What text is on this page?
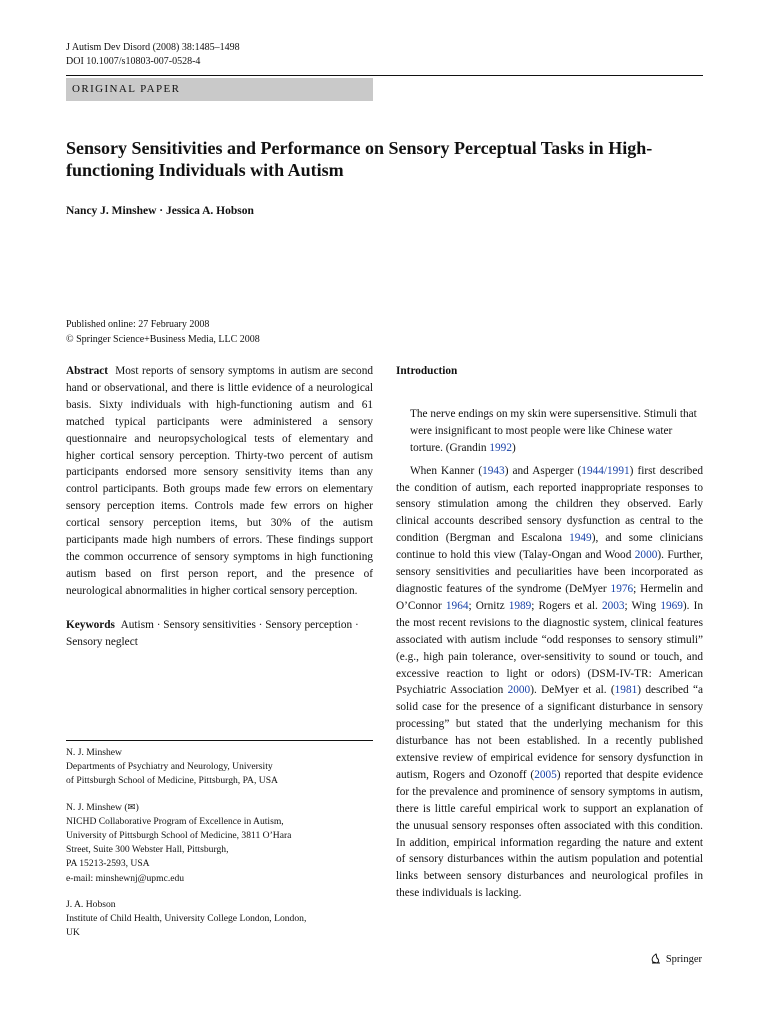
J Autism Dev Disord (2008) 38:1485–1498
DOI 10.1007/s10803-007-0528-4
ORIGINAL PAPER
Sensory Sensitivities and Performance on Sensory Perceptual Tasks in High-functioning Individuals with Autism
Nancy J. Minshew · Jessica A. Hobson
Published online: 27 February 2008
© Springer Science+Business Media, LLC 2008

Abstract Most reports of sensory symptoms in autism are second hand or observational, and there is little evidence of a neurological basis. Sixty individuals with high-functioning autism and 61 matched typical participants were administered a sensory questionnaire and neuropsychological tests of elementary and higher cortical sensory perception. Thirty-two percent of autism participants endorsed more sensory sensitivity items than any control participants. Both groups made few errors on elementary sensory perception items. Controls made few errors on higher cortical sensory perception items, but 30% of the autism participants made high numbers of errors. These findings support the common occurrence of sensory symptoms in high functioning autism based on first person report, and the presence of neurological abnormalities in higher cortical sensory perception.

Keywords Autism · Sensory sensitivities · Sensory perception · Sensory neglect

N. J. Minshew
Departments of Psychiatry and Neurology, University
of Pittsburgh School of Medicine, Pittsburgh, PA, USA
N. J. Minshew (✉)
NICHD Collaborative Program of Excellence in Autism,
University of Pittsburgh School of Medicine, 3811 O’Hara
Street, Suite 300 Webster Hall, Pittsburgh,
PA 15213-2593, USA
e-mail: minshewnj@upmc.edu
J. A. Hobson
Institute of Child Health, University College London, London,
UK

Introduction

The nerve endings on my skin were supersensitive. Stimuli that were insignificant to most people were like Chinese water torture. (Grandin 1992)

When Kanner (1943) and Asperger (1944/1991) first described the condition of autism, each reported inappropriate responses to sensory stimulation among the children they observed. Early clinical accounts described sensory dysfunction as central to the condition (Bergman and Escalona 1949), and some clinicians continue to hold this view (Talay-Ongan and Wood 2000). Further, sensory sensitivities and peculiarities have been incorporated as diagnostic features of the syndrome (DeMyer 1976; Hermelin and O’Connor 1964; Ornitz 1989; Rogers et al. 2003; Wing 1969). In the most recent revisions to the diagnostic system, clinical features associated with autism include “odd responses to sensory stimuli” (e.g., high pain tolerance, over-sensitivity to sound or touch, and excessive reaction to light or odors) (DSM-IV-TR: American Psychiatric Association 2000). DeMyer et al. (1981) described “a solid case for the presence of a significant disturbance in sensory processing” but stated that the underlying mechanism for this disturbance has not been established. In a recently published extensive review of empirical evidence for sensory dysfunction in autism, Rogers and Ozonoff (2005) reported that despite evidence for the prevalence and prominence of sensory symptoms in autism, there is little careful empirical work to support an explanation of the unusual sensory responses often associated with this condition. In addition, empirical information regarding the nature and extent of sensory disturbances within the autism population and potential links between sensory disturbances and neurological profiles in these individuals is lacking.

Springer
